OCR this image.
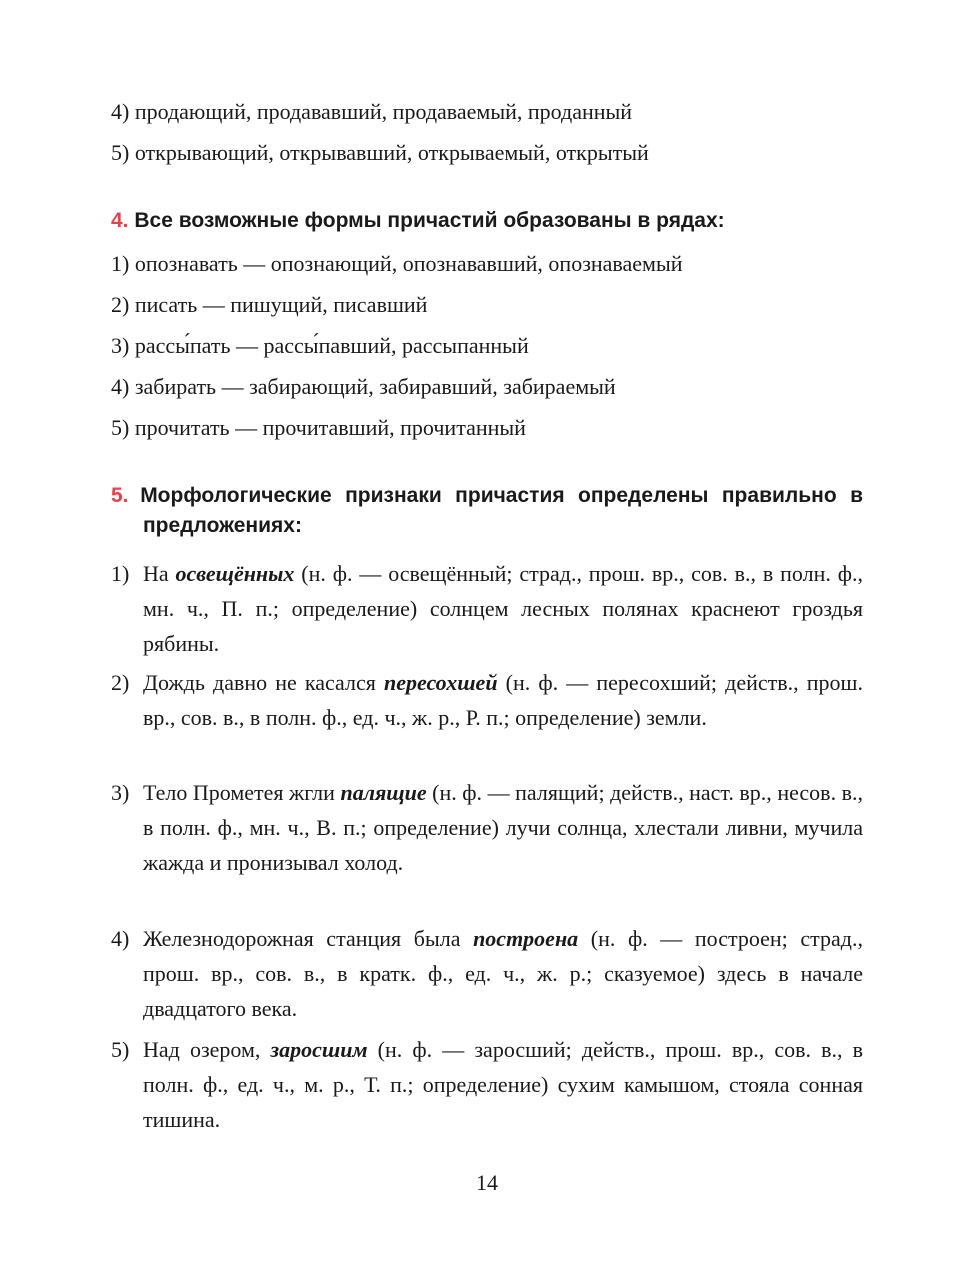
4) продающий, продававший, продаваемый, проданный
5) открывающий, открывавший, открываемый, открытый
4. Все возможные формы причастий образованы в рядах:
1) опознавать — опознающий, опознававший, опознаваемый
2) писать — пишущий, писавший
3) рассы́пать — рассы́павший, рассыпанный
4) забирать — забирающий, забиравший, забираемый
5) прочитать — прочитавший, прочитанный
5. Морфологические признаки причастия определены правильно в
предложениях:
1) На освещённых (н. ф. — освещённый; страд., прош. вр., сов. в., в полн. ф., мн. ч., П. п.; определение) солнцем лесных полянах краснеют гроздья рябины.
2) Дождь давно не касался пересохшей (н. ф. — пересохший; действ., прош. вр., сов. в., в полн. ф., ед. ч., ж. р., Р. п.; определение) земли.
3) Тело Прометея жгли палящие (н. ф. — палящий; действ., наст. вр., несов. в., в полн. ф., мн. ч., В. п.; определение) лучи солнца, хлестали ливни, мучила жажда и пронизывал холод.
4) Железнодорожная станция была построена (н. ф. — построен; страд., прош. вр., сов. в., в кратк. ф., ед. ч., ж. р.; сказуемое) здесь в начале двадцатого века.
5) Над озером, заросшим (н. ф. — заросший; действ., прош. вр., сов. в., в полн. ф., ед. ч., м. р., Т. п.; определение) сухим камышом, стояла сонная тишина.
14
